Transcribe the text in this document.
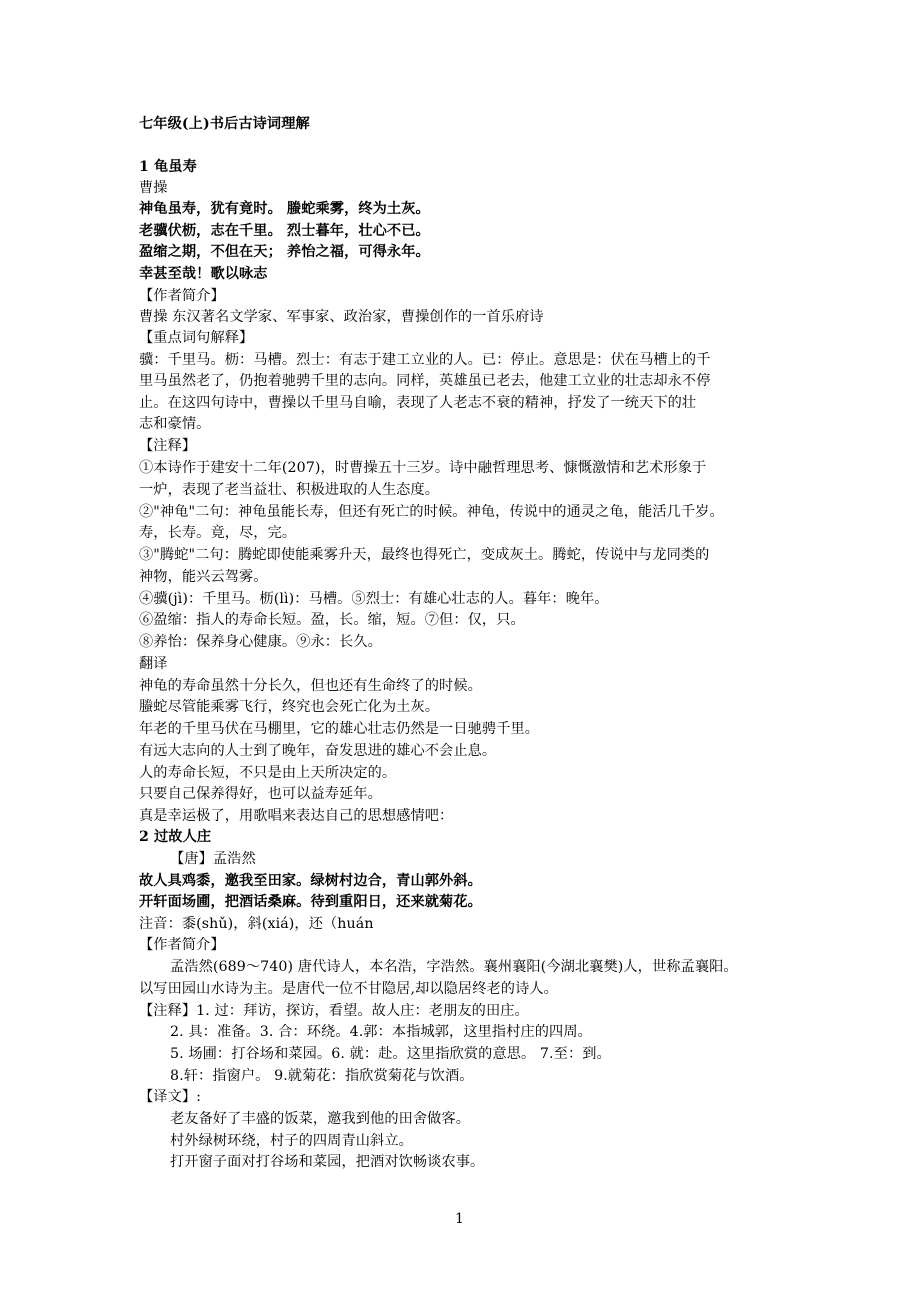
七年级(上)书后古诗词理解
1 龟虽寿
曹操
神龟虽寿，犹有竟时。 螣蛇乘雾，终为土灰。
老骥伏枥，志在千里。 烈士暮年，壮心不已。
盈缩之期，不但在天； 养怡之福，可得永年。
幸甚至哉！歌以咏志
【作者简介】
曹操 东汉著名文学家、军事家、政治家，曹操创作的一首乐府诗
【重点词句解释】
骥：千里马。枥：马槽。烈士：有志于建工立业的人。已：停止。意思是：伏在马槽上的千
里马虽然老了，仍抱着驰骋千里的志向。同样，英雄虽已老去，他建工立业的壮志却永不停
止。在这四句诗中，曹操以千里马自喻，表现了人老志不衰的精神，抒发了一统天下的壮
志和豪情。
【注释】
①本诗作于建安十二年(207)，时曹操五十三岁。诗中融哲理思考、慷慨激情和艺术形象于
一炉，表现了老当益壮、积极进取的人生态度。
②"神龟"二句：神龟虽能长寿，但还有死亡的时候。神龟，传说中的通灵之龟，能活几千岁。
寿，长寿。竟，尽，完。
③"腾蛇"二句：腾蛇即使能乘雾升天，最终也得死亡，变成灰土。腾蛇，传说中与龙同类的
神物，能兴云驾雾。
④骥(jì)：千里马。枥(lì)：马槽。⑤烈士：有雄心壮志的人。暮年：晚年。
⑥盈缩：指人的寿命长短。盈，长。缩，短。⑦但：仅，只。
⑧养怡：保养身心健康。⑨永：长久。
翻译
神龟的寿命虽然十分长久，但也还有生命终了的时候。
螣蛇尽管能乘雾飞行，终究也会死亡化为土灰。
年老的千里马伏在马棚里，它的雄心壮志仍然是一日驰骋千里。
有远大志向的人士到了晚年，奋发思进的雄心不会止息。
人的寿命长短，不只是由上天所决定的。
只要自己保养得好，也可以益寿延年。
真是幸运极了，用歌唱来表达自己的思想感情吧：
2 过故人庄
【唐】孟浩然
故人具鸡黍，邀我至田家。绿树村边合，青山郭外斜。
开轩面场圃，把酒话桑麻。待到重阳日，还来就菊花。
注音：黍(shǔ)，斜(xiá)，还（huán
【作者简介】
孟浩然(689～740) 唐代诗人，本名浩，字浩然。襄州襄阳(今湖北襄樊)人，世称孟襄阳。
以写田园山水诗为主。是唐代一位不甘隐居,却以隐居终老的诗人。
【注释】1. 过：拜访，探访，看望。故人庄：老朋友的田庄。
2. 具：准备。3. 合：环绕。4.郭：本指城郭，这里指村庄的四周。
5. 场圃：打谷场和菜园。6. 就：赴。这里指欣赏的意思。 7.至：到。
8.轩：指窗户。 9.就菊花：指欣赏菊花与饮酒。
【译文】:
老友备好了丰盛的饭菜，邀我到他的田舍做客。
村外绿树环绕，村子的四周青山斜立。
打开窗子面对打谷场和菜园，把酒对饮畅谈农事。
1
